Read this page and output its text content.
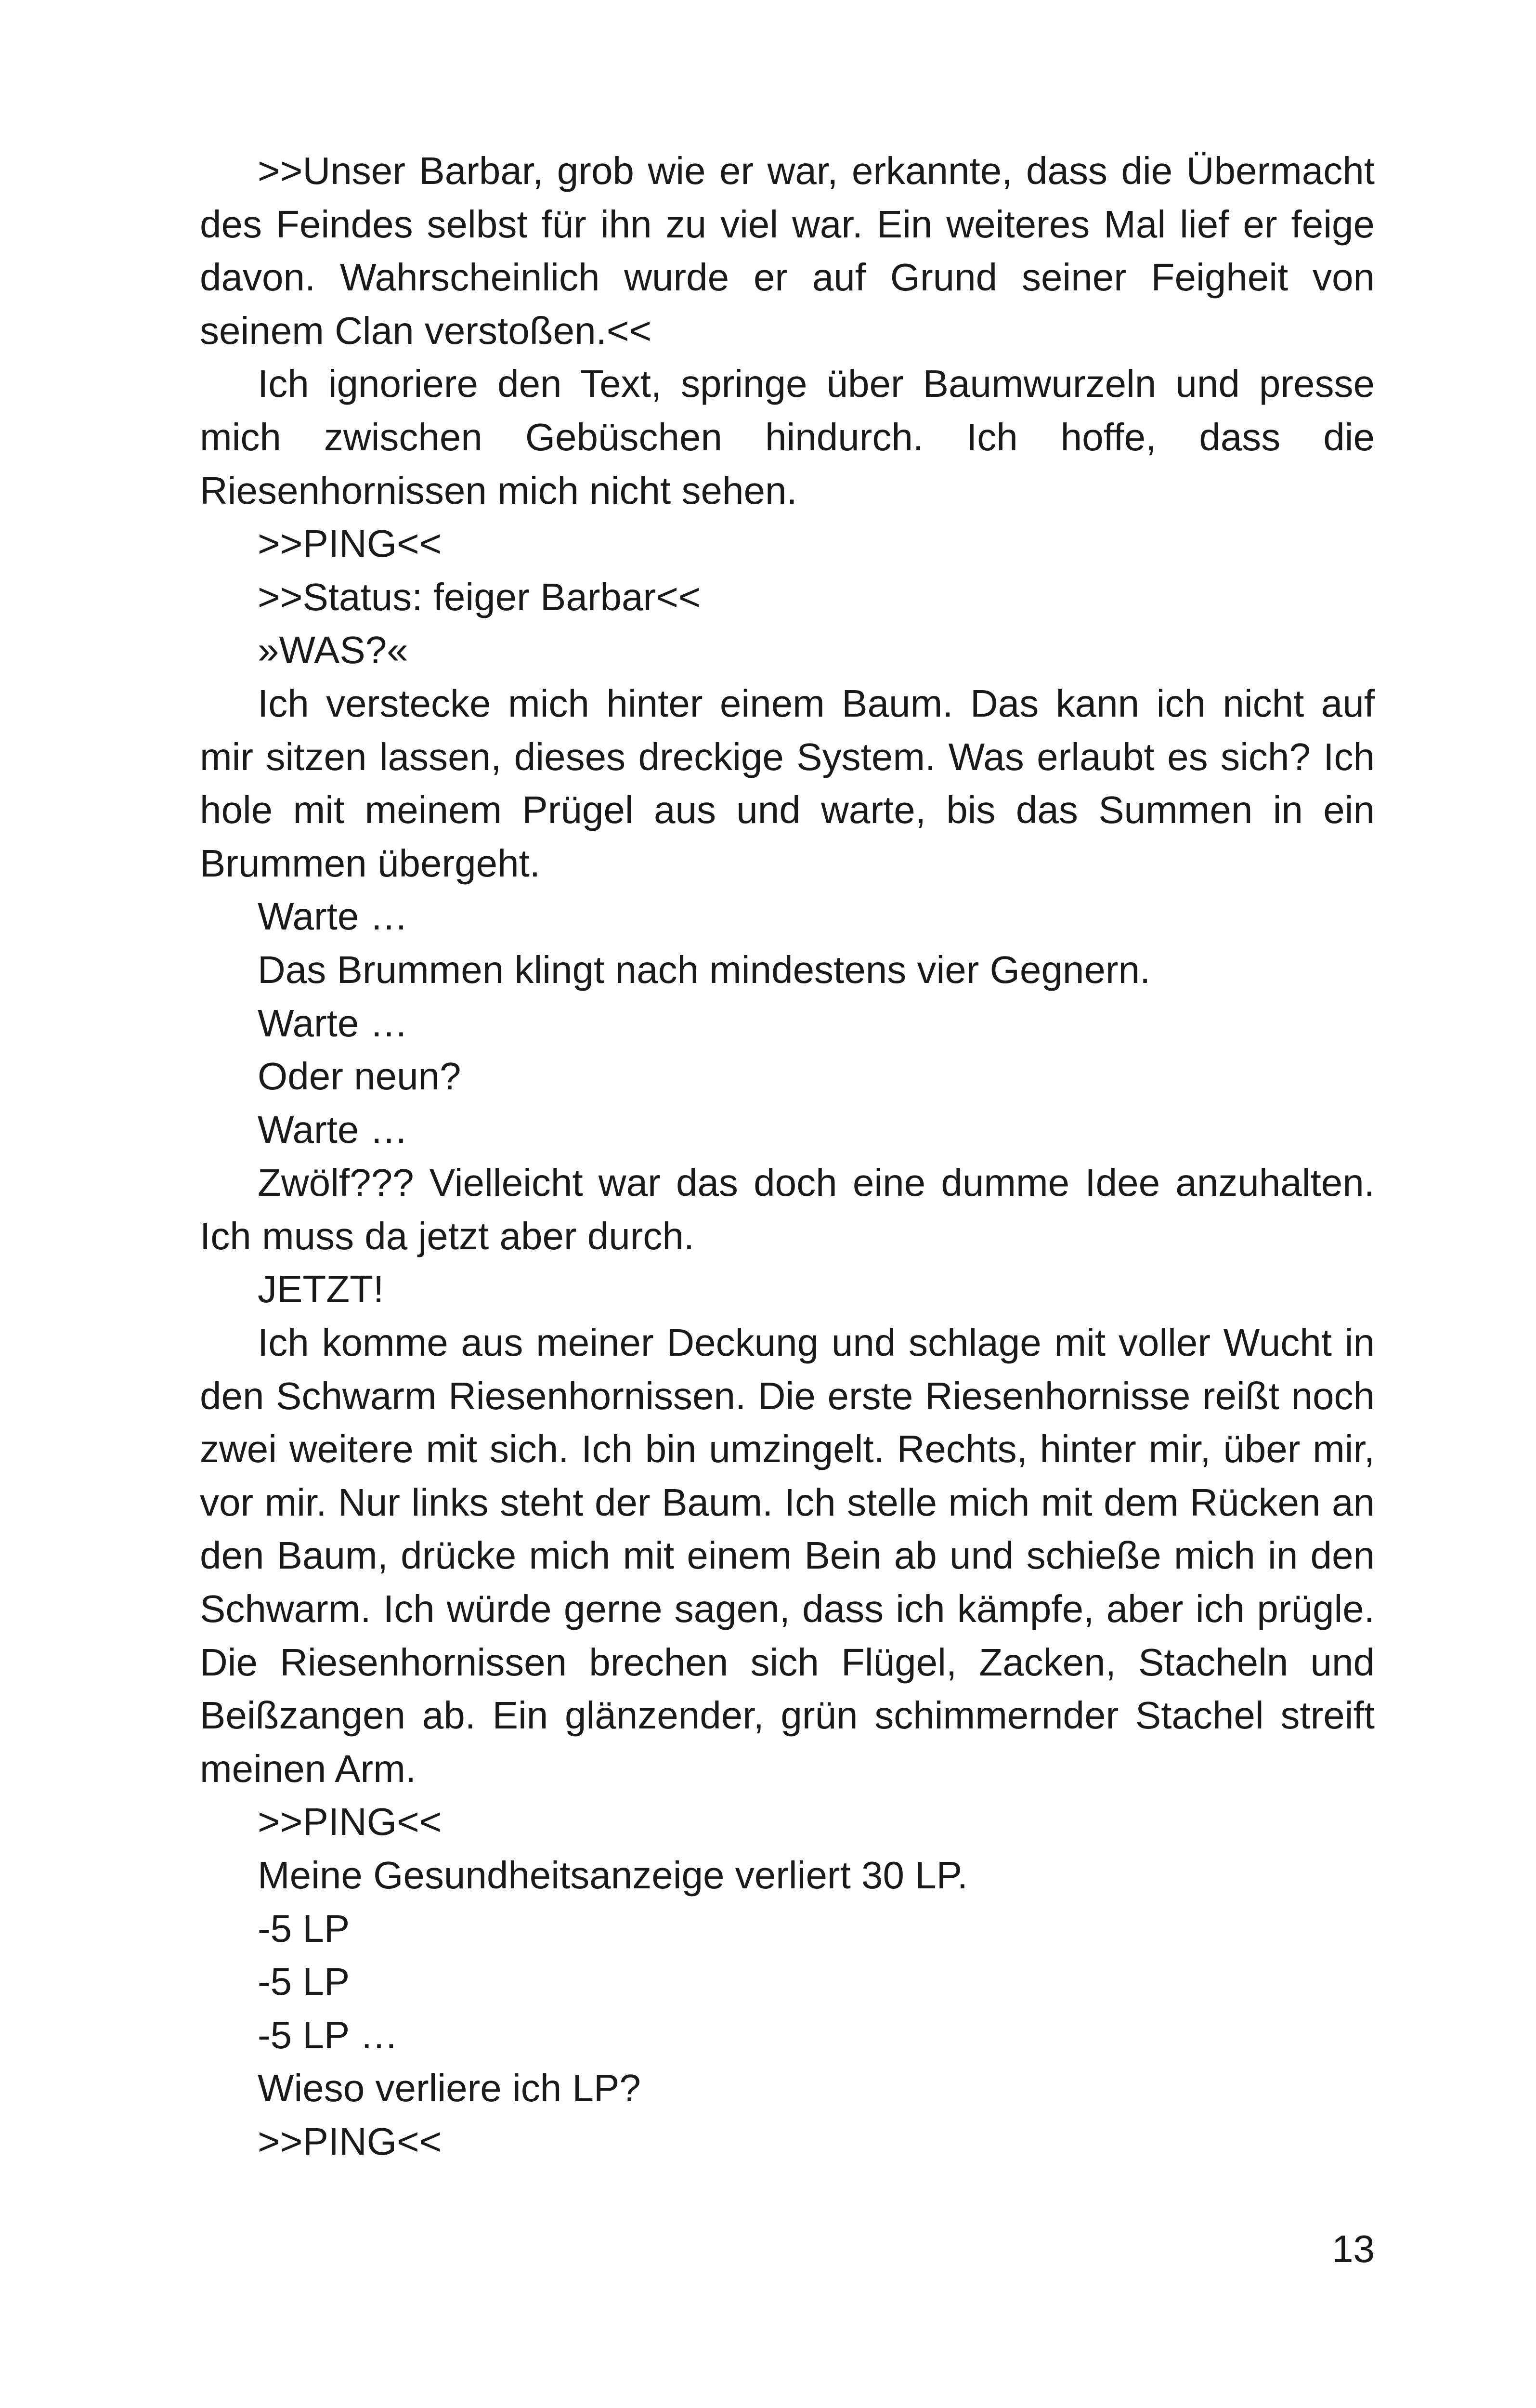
>>Unser Barbar, grob wie er war, erkannte, dass die Übermacht des Feindes selbst für ihn zu viel war. Ein weiteres Mal lief er feige davon. Wahrscheinlich wurde er auf Grund seiner Feigheit von seinem Clan verstoßen.<<

Ich ignoriere den Text, springe über Baumwurzeln und presse mich zwischen Gebüschen hindurch. Ich hoffe, dass die Riesenhornissen mich nicht sehen.

>>PING<<

>>Status: feiger Barbar<<

»WAS?«

Ich verstecke mich hinter einem Baum. Das kann ich nicht auf mir sitzen lassen, dieses dreckige System. Was erlaubt es sich? Ich hole mit meinem Prügel aus und warte, bis das Summen in ein Brummen übergeht.

Warte …

Das Brummen klingt nach mindestens vier Gegnern.

Warte …

Oder neun?

Warte …

Zwölf??? Vielleicht war das doch eine dumme Idee anzuhalten. Ich muss da jetzt aber durch.

JETZT!

Ich komme aus meiner Deckung und schlage mit voller Wucht in den Schwarm Riesenhornissen. Die erste Riesenhornisse reißt noch zwei weitere mit sich. Ich bin umzingelt. Rechts, hinter mir, über mir, vor mir. Nur links steht der Baum. Ich stelle mich mit dem Rücken an den Baum, drücke mich mit einem Bein ab und schieße mich in den Schwarm. Ich würde gerne sagen, dass ich kämpfe, aber ich prügle. Die Riesenhornissen brechen sich Flügel, Zacken, Stacheln und Beißzangen ab. Ein glänzender, grün schimmernder Stachel streift meinen Arm.

>>PING<<

Meine Gesundheitsanzeige verliert 30 LP.

-5 LP

-5 LP

-5 LP …

Wieso verliere ich LP?

>>PING<<

13
